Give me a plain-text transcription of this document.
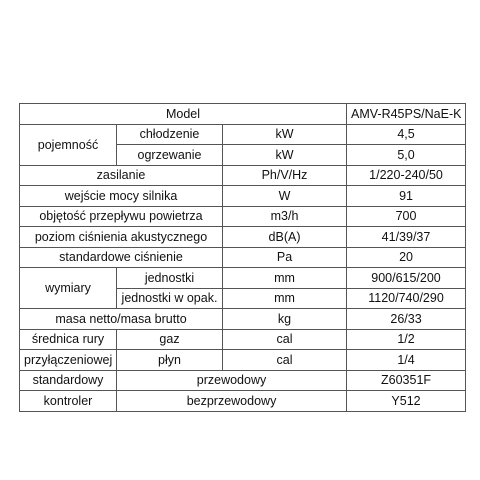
Model			AMV-R45PS/NaE-K
pojemność	chłodzenie	kW	4,5
	ogrzewanie	kW	5,0
zasilanie		Ph/V/Hz	1/220-240/50
wejście mocy silnika		W	91
objętość przepływu powietrza		m3/h	700
poziom ciśnienia akustycznego		dB(A)	41/39/37
standardowe ciśnienie		Pa	20
wymiary	jednostki	mm	900/615/200
	jednostki w opak.	mm	1120/740/290
masa netto/masa brutto		kg	26/33
średnica rury	gaz	cal	1/2
przyłączeniowej	płyn	cal	1/4
standardowy	przewodowy		Z60351F
kontroler	bezprzewodowy		Y512
